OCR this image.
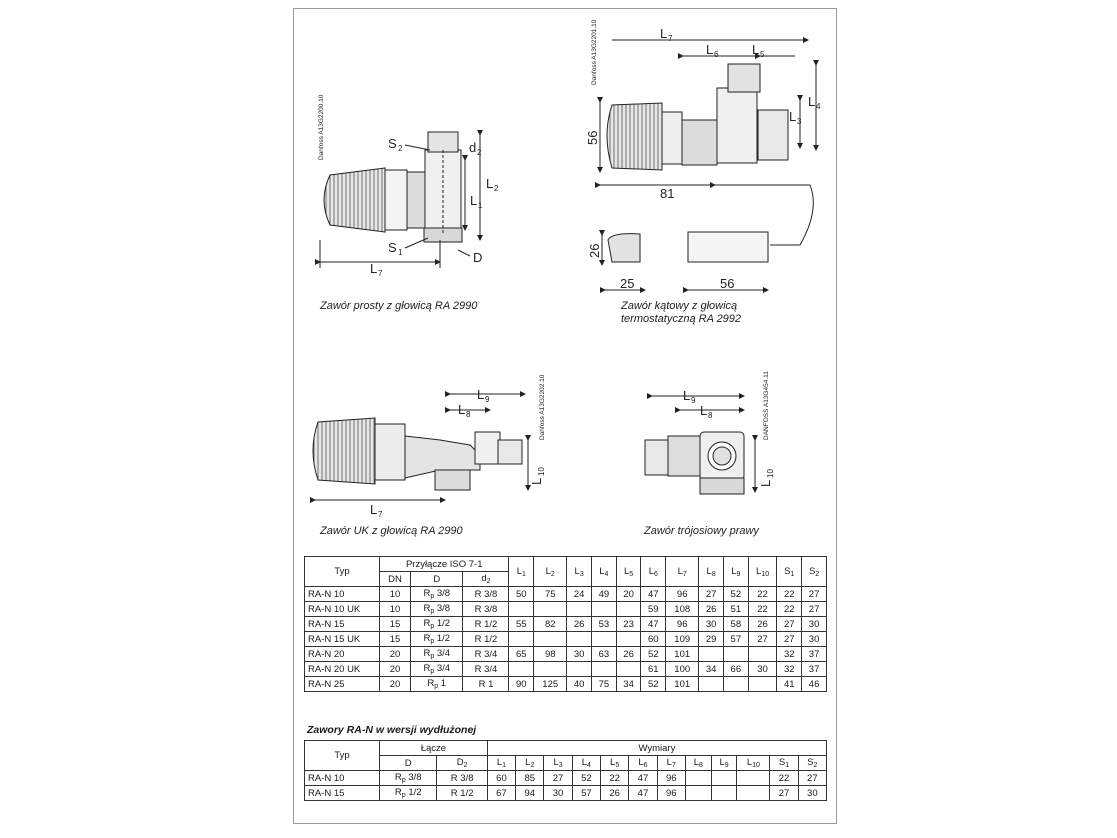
S 2	d 2
L 2
L 1
S 1	D
L 7
Danfoss A13G2200.10
L 7
L 6	L 5
L 4
L 3
56
81
26
25	56
Danfoss A13G2201.10
L 9
L 8
L
10
L 7
Danfoss A13G2202.10	L 9
L 8
L
10
DANFOSS A13G454.11
Zawór prosty z głowicą RA 2990	Zawór kątowy z głowicą
termostatyczną RA 2992
Zawór UK z głowicą RA 2990	Zawór trójosiowy prawy
Typ	Przyłącze ISO 7-1			$L_1$	$L_2$	$L_3$	$L_4$	$L_5$	$L_6$	$L_7$	$L_8$	$L_9$	$L_{10}$	$S_1$	$S_2$
	DN	D	$d_2$
RA-N 10	10	$R_p$ 3/8	R 3/8	50	75	24	49	20	47	96	27	52	22	22	27
RA-N 10 UK	10	$R_p$ 3/8	R 3/8						59	108	26	51	22	22	27
RA-N 15	15	$R_p$ 1/2	R 1/2	55	82	26	53	23	47	96	30	58	26	27	30
RA-N 15 UK	15	$R_p$ 1/2	R 1/2						60	109	29	57	27	27	30
RA-N 20	20	$R_p$ 3/4	R 3/4	65	98	30	63	26	52	101				32	37
RA-N 20 UK	20	$R_p$ 3/4	R 3/4						61	100	34	66	30	32	37
RA-N 25	20	$R_p$ 1	R 1	90	125	40	75	34	52	101				41	46
Zawory RA-N w wersji wydłużonej
Typ	Łącze		Wymiary											
	D	$D_2$	$L_1$	$L_2$	$L_3$	$L_4$	$L_5$	$L_6$	$L_7$	$L_8$	$L_9$	$L_{10}$	$S_1$	$S_2$
RA-N 10	$R_p$ 3/8	R 3/8	60	85	27	52	22	47	96				22	27
RA-N 15	$R_p$ 1/2	R 1/2	67	94	30	57	26	47	96				27	30
